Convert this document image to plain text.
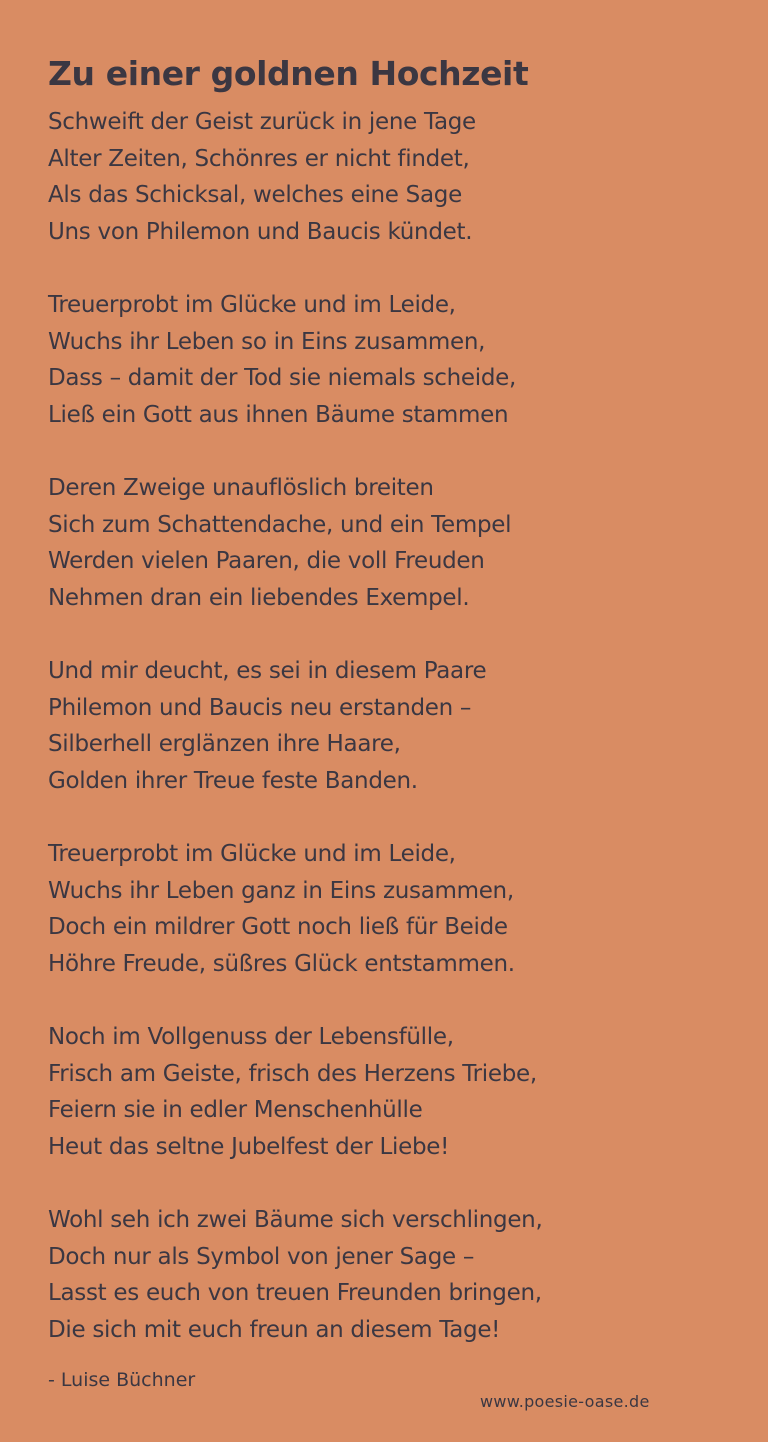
Zu einer goldnen Hochzeit
Schweift der Geist zurück in jene Tage
Alter Zeiten, Schönres er nicht findet,
Als das Schicksal, welches eine Sage
Uns von Philemon und Baucis kündet.
Treuerprobt im Glücke und im Leide,
Wuchs ihr Leben so in Eins zusammen,
Dass – damit der Tod sie niemals scheide,
Ließ ein Gott aus ihnen Bäume stammen
Deren Zweige unauflöslich breiten
Sich zum Schattendache, und ein Tempel
Werden vielen Paaren, die voll Freuden
Nehmen dran ein liebendes Exempel.
Und mir deucht, es sei in diesem Paare
Philemon und Baucis neu erstanden –
Silberhell erglänzen ihre Haare,
Golden ihrer Treue feste Banden.
Treuerprobt im Glücke und im Leide,
Wuchs ihr Leben ganz in Eins zusammen,
Doch ein mildrer Gott noch ließ für Beide
Höhre Freude, süßres Glück entstammen.
Noch im Vollgenuss der Lebensfülle,
Frisch am Geiste, frisch des Herzens Triebe,
Feiern sie in edler Menschenhülle
Heut das seltne Jubelfest der Liebe!
Wohl seh ich zwei Bäume sich verschlingen,
Doch nur als Symbol von jener Sage –
Lasst es euch von treuen Freunden bringen,
Die sich mit euch freun an diesem Tage!
- Luise Büchner
www.poesie-oase.de
